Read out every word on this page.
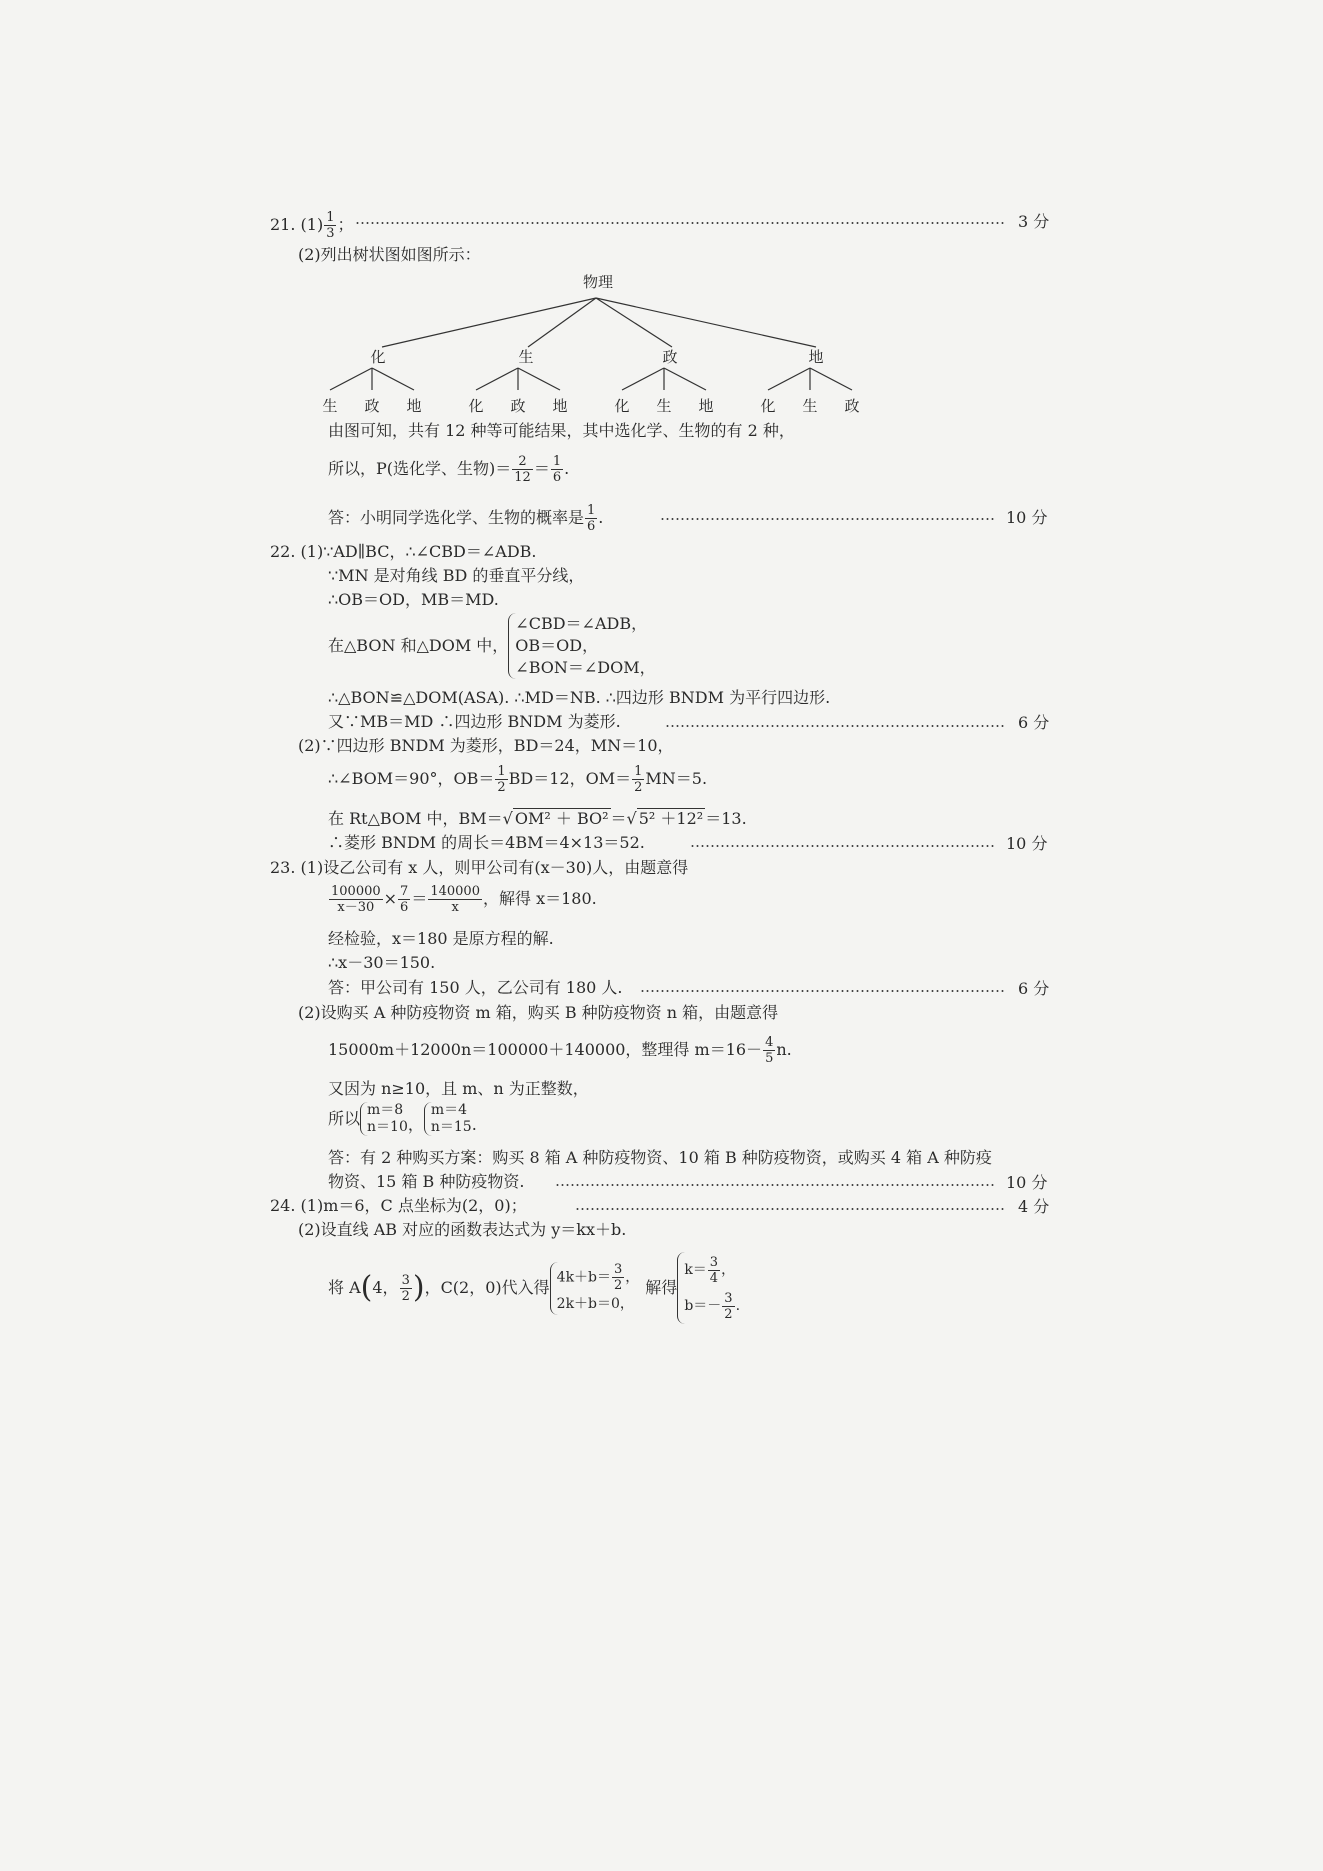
21. $(1) \frac{1}{3}$ ；	3 分
(2)列出树状图如图所示：
物理
化	生	政	地
生 政 地	化 政 地	化 生 地	化 生 政
由图可知，共有 12 种等可能结果，其中选化学、生物的有 2 种，
所以，P(选化学、生物)＝ $\frac{2}{12} = \frac{1}{6}$ .
答：小明同学选化学、生物的概率是 $\frac{1}{6}$ .	10 分
22. (1)∵AD∥BC，∴∠CBD＝∠ADB.
∵MN 是对角线 BD 的垂直平分线，
∴OB＝OD，MB＝MD.
在△BON 和△DOM 中，
∠CBD＝∠ADB，
OB＝OD，
∠BON＝∠DOM，
∴△BON≌△DOM(ASA). ∴MD＝NB. ∴四边形 BNDM 为平行四边形.
又∵MB＝MD ∴四边形 BNDM 为菱形.	6 分
(2)∵四边形 BNDM 为菱形，BD＝24，MN＝10，
∴∠BOM＝90°，$OB= \frac{1}{2} BD=12$，$OM= \frac{1}{2} MN=5$.
在 Rt△BOM 中，BM＝√ OM² ＋ BO² ＝√ 5² ＋12² ＝13.
∴菱形 BNDM 的周长＝4BM＝4×13＝52.	10 分
23. (1)设乙公司有 x 人，则甲公司有(x－30)人，由题意得
$\frac{100000}{x-30} \times \frac{7}{6} = \frac{140000}{x}$ ，解得 x＝180.
经检验，x＝180 是原方程的解.
∴x－30＝150.
答：甲公司有 150 人，乙公司有 180 人.	6 分
(2)设购买 A 种防疫物资 m 箱，购买 B 种防疫物资 n 箱，由题意得
15000m＋12000n＝100000＋140000，整理得 $m=16- \frac{4}{5} n$.
又因为 n≥10，且 m、n 为正整数，
所以 m＝8
n＝10 ，
m＝4
n＝15 .
答：有 2 种购买方案：购买 8 箱 A 种防疫物资、10 箱 B 种防疫物资，或购买 4 箱 A 种防疫
物资、15 箱 B 种防疫物资.	10 分
24. (1)m＝6，C 点坐标为(2，0)；	4 分
(2)设直线 AB 对应的函数表达式为 y＝kx＋b.
将 A(4， $\frac{3}{2}$ )，C(2，0)代入得
$4k+b= \frac{3}{2}$ ，
2k＋b＝0，
解得
$k= \frac{3}{4}$ ，
$b=- \frac{3}{2}$ .
